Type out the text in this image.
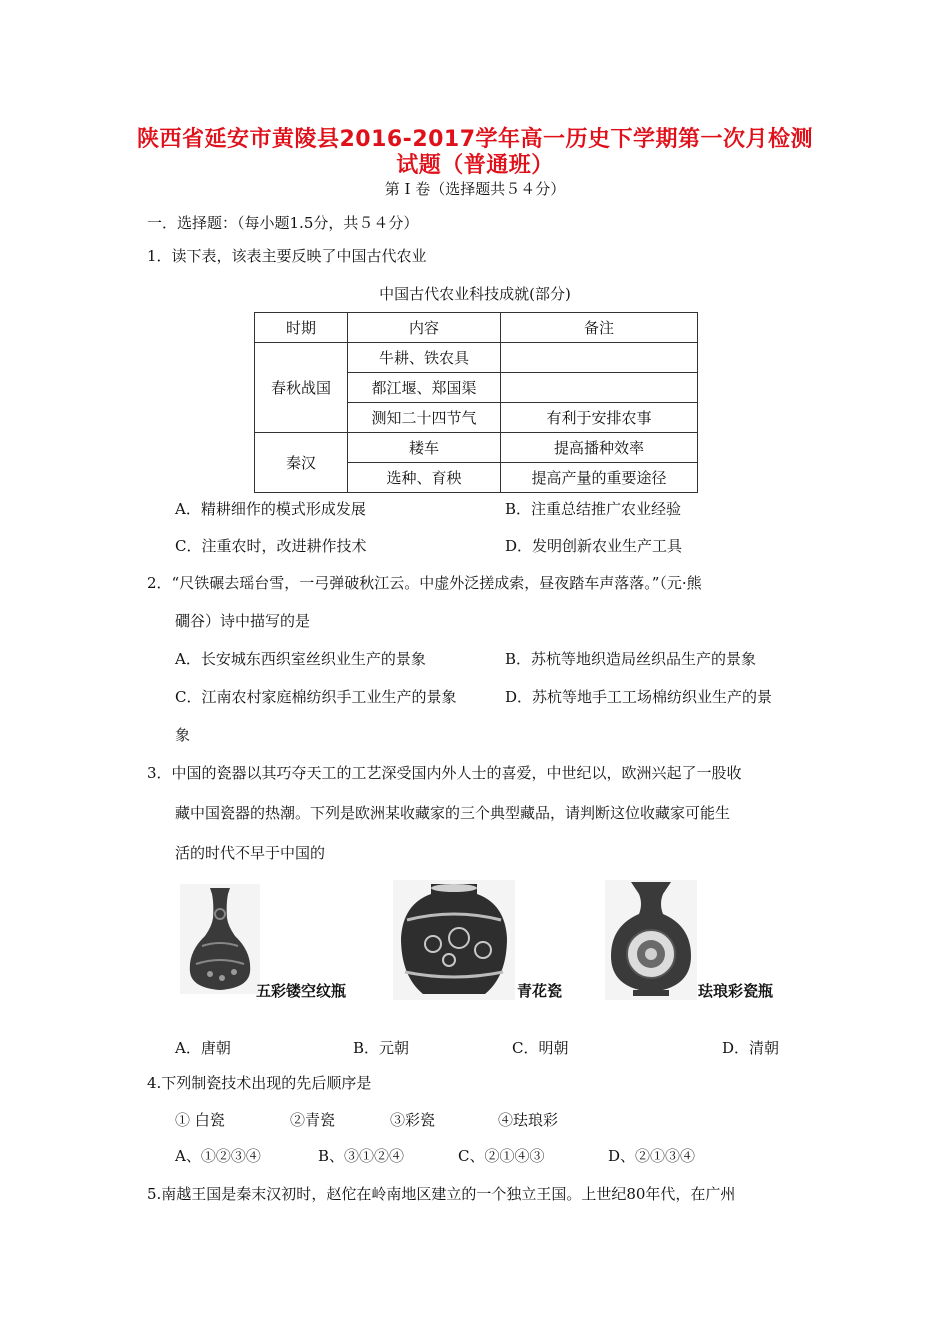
陕西省延安市黄陵县2016-2017学年高一历史下学期第一次月检测
试题（普通班）
第 Ⅰ 卷（选择题共５４分）
一．选择题：（每小题1.5分，共５４分）
1．读下表，该表主要反映了中国古代农业
中国古代农业科技成就(部分)
时期	内容	备注
春秋战国	牛耕、铁农具	
	都江堰、郑国渠	
	测知二十四节气	有利于安排农事
秦汉	耧车	提高播种效率
	选种、育秧	提高产量的重要途径
A．精耕细作的模式形成发展	B．注重总结推广农业经验
C．注重农时，改进耕作技术	D．发明创新农业生产工具
2．“尺铁碾去瑶台雪，一弓弹破秋江云。中虚外泛搓成索，昼夜踏车声落落。”（元·熊
礀谷）诗中描写的是
A．长安城东西织室丝织业生产的景象	B．苏杭等地织造局丝织品生产的景象
C．江南农村家庭棉纺织手工业生产的景象	D．苏杭等地手工工场棉纺织业生产的景
象
3．中国的瓷器以其巧夺天工的工艺深受国内外人士的喜爱，中世纪以，欧洲兴起了一股收
藏中国瓷器的热潮。下列是欧洲某收藏家的三个典型藏品，请判断这位收藏家可能生
活的时代不早于中国的
五彩镂空纹瓶	青花瓷	珐琅彩瓷瓶
A．唐朝	B．元朝	C．明朝	D．清朝
4.下列制瓷技术出现的先后顺序是
① 白瓷	②青瓷	③彩瓷	④珐琅彩
A、①②③④	B、③①②④	C、②①④③	D、②①③④
5.南越王国是秦末汉初时，赵佗在岭南地区建立的一个独立王国。上世纪80年代，在广州
